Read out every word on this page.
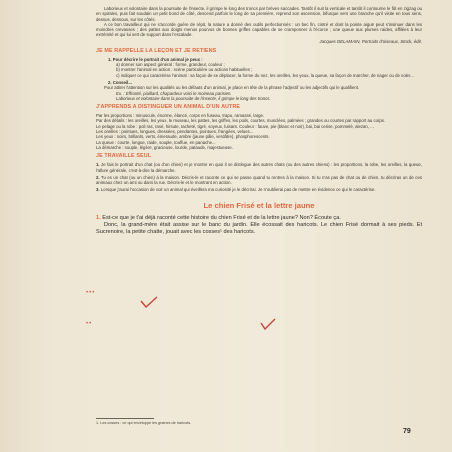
Laborieux et volontaire dans la poursuite de l'insecte, il grimpe le long des troncs par brèves saccades. Tantôt il suit la verticale et tantôt il contourne le fût en zigzag ou en spirales, puis fait soudain un petit bond de côté, descend parfois le long de sa première, reprend son ascension, bifurque vers une branche qu'il visite en tous sens, dessus, dessous, sur les côtés.

A ce bon travailleur qui ne s'accorde guère de répit, la nature a donné des outils perfectionnés : un bec fin, cintré et dont la pointe aiguë peut s'insinuer dans les moindres crevasses ; des pattes aux doigts menus pourvus de bonnes griffes capables de se cramponner à l'écorce ; une queue aux plumes raides, affilées à leur extrémité et qui lui sert de support dans l'escalade.

Jacques DELAMAIN, Portraits d'oiseaux, Stock, édit.
JE ME RAPPELLE LA LEÇON ET JE RETIENS
1. Pour décrire le portrait d'un animal je peux :
a) donner son aspect général : forme, grandeur, couleur ;
b) montrer l'animal en action : scène particulière ou actions habituelles ;
c) indiquer ce qui caractérise l'animal : sa façon de se déplacer, la forme du nez, les oreilles, les yeux, la queue, sa façon de marcher, de nager ou de voler...
2. Conseil...

Pour attirer l'attention sur les qualités ou les défauts d'un animal, je place en tête de la phrase l'adjectif ou les adjectifs qui le qualifient.

Ex. : Effronté, piaillard, chapardeur voici le moineau parisien.
Laborieux et volontaire dans la poursuite de l'insecte, il grimpe le long des troncs.
J'APPRENDS A DISTINGUER UN ANIMAL D'UN AUTRE
Par les proportions : minuscule, énorme, élancé, corps en fuseau, trapu, ramassé, large.
Par des détails : les oreilles, les yeux, le museau, les pattes, les griffes, les poils, courtes, musclées, palmées ; grandes ou courtes par rapport au corps.
Le pelage ou la robe : poil ras, rasé, hirsute, tacheté, tigré, soyeux, luisant. Couleur : fauve, pie (blanc et noir), bai, bai cerise, pommelé, alezan, ...
Les oreilles : pointues, longues, dressées, pendantes, pointues, frangées, velues...
Les yeux : noirs, brillants, verts, émeraude, ambre (jaune pâle, verdâtre), phosphorescents.
La queue : courte, longue, raide, souple, touffue, en panache...
La démarche : souple, légère, gracieuse, lourde, pataude, majestueuse.
JE TRAVAILLE SEUL

1. Je fais le portrait d'un chat (ou d'un chien) et je montre en quoi il se distingue des autres chats (ou des autres chiens) : les proportions, la robe, les oreilles, la queue, l'allure générale, c'est-à-dire la démarche.

2. Tu es un chat (ou un chien) à la maison. Décris-le et raconte ce qui se passe quand tu rentres à la maison. Si tu n'as pas de chat ou de chien, tu décriras un de ces animaux chez un ami ou dans la rue. Décris-le et le montrant en action.

3. Lorsque j'aurai l'occasion de voir un animal qui éveillera ma curiosité je le décrirai. Je n'oublierai pas de mettre en évidence ce qui le caractérise.

Le chien Frisé et la lettre jaune

1. Est-ce que je t'ai déjà raconté cette histoire du chien Frisé et de la lettre jaune? Non? Écoute ça.

Donc, la grand-mère était assise sur le banc du jardin. Elle écossait des haricots. Le chien Frisé dormait à ses pieds. Et Sucrenoire, la petite chatte, jouait avec les cosses¹ des haricots.

•••
••
1. Les cosses : ce qui enveloppe les graines de haricots.
79
